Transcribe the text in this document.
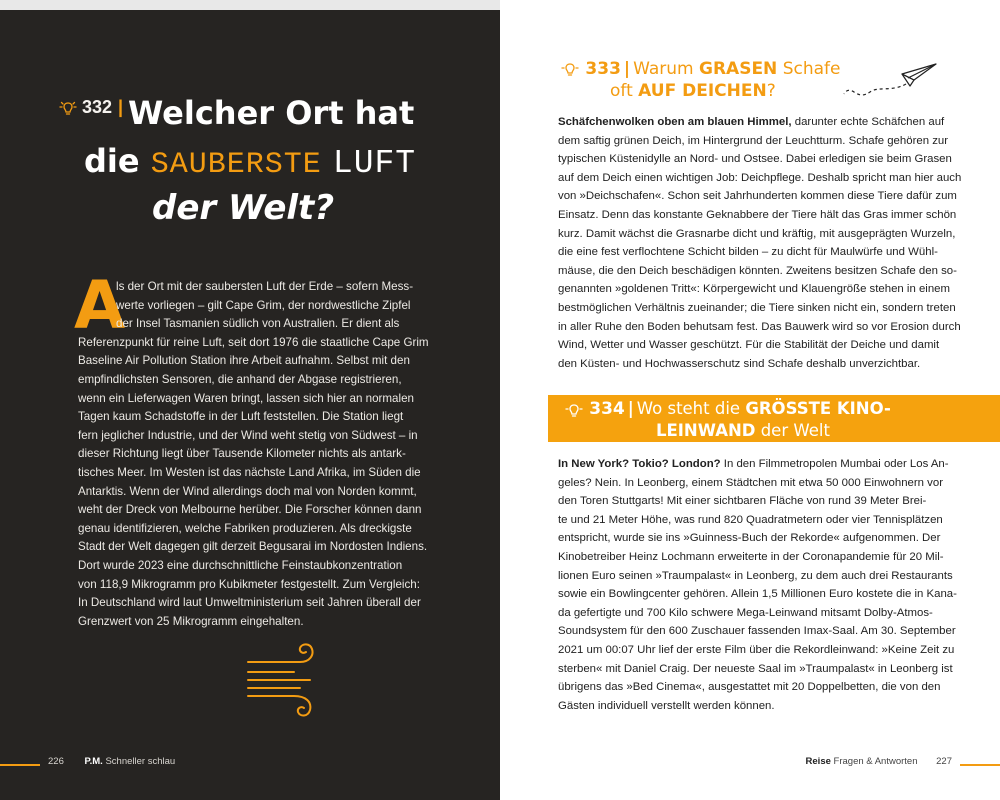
332 | Welcher Ort hat
die SAUBERSTE LUFT
der Welt?
A
ls der Ort mit der saubersten Luft der Erde – sofern Mess-
werte vorliegen – gilt Cape Grim, der nordwestliche Zipfel
der Insel Tasmanien südlich von Australien. Er dient als
Referenzpunkt für reine Luft, seit dort 1976 die staatliche Cape Grim
Baseline Air Pollution Station ihre Arbeit aufnahm. Selbst mit den
empfindlichsten Sensoren, die anhand der Abgase registrieren,
wenn ein Lieferwagen Waren bringt, lassen sich hier an normalen
Tagen kaum Schadstoffe in der Luft feststellen. Die Station liegt
fern jeglicher Industrie, und der Wind weht stetig von Südwest – in
dieser Richtung liegt über Tausende Kilometer nichts als antark-
tisches Meer. Im Westen ist das nächste Land Afrika, im Süden die
Antarktis. Wenn der Wind allerdings doch mal von Norden kommt,
weht der Dreck von Melbourne herüber. Die Forscher können dann
genau identifizieren, welche Fabriken produzieren. Als dreckigste
Stadt der Welt dagegen gilt derzeit Begusarai im Nordosten Indiens.
Dort wurde 2023 eine durchschnittliche Feinstaubkonzentration
von 118,9 Mikrogramm pro Kubikmeter festgestellt. Zum Vergleich:
In Deutschland wird laut Umweltministerium seit Jahren überall der
Grenzwert von 25 Mikrogramm eingehalten.
226 P.M. Schneller schlau
333 | Warum GRASEN Schafe
oft AUF DEICHEN?
Schäfchenwolken oben am blauen Himmel, darunter echte Schäfchen auf
dem saftig grünen Deich, im Hintergrund der Leuchtturm. Schafe gehören zur
typischen Küstenidylle an Nord- und Ostsee. Dabei erledigen sie beim Grasen
auf dem Deich einen wichtigen Job: Deichpflege. Deshalb spricht man hier auch
von »Deichschafen«. Schon seit Jahrhunderten kommen diese Tiere dafür zum
Einsatz. Denn das konstante Geknabbere der Tiere hält das Gras immer schön
kurz. Damit wächst die Grasnarbe dicht und kräftig, mit ausgeprägten Wurzeln,
die eine fest verflochtene Schicht bilden – zu dicht für Maulwürfe und Wühl-
mäuse, die den Deich beschädigen könnten. Zweitens besitzen Schafe den so-
genannten »goldenen Tritt«: Körpergewicht und Klauengröße stehen in einem
bestmöglichen Verhältnis zueinander; die Tiere sinken nicht ein, sondern treten
in aller Ruhe den Boden behutsam fest. Das Bauwerk wird so vor Erosion durch
Wind, Wetter und Wasser geschützt. Für die Stabilität der Deiche und damit
den Küsten- und Hochwasserschutz sind Schafe deshalb unverzichtbar.
334 | Wo steht die GRÖSSTE KINO-
LEINWAND der Welt
In New York? Tokio? London? In den Filmmetropolen Mumbai oder Los An-
geles? Nein. In Leonberg, einem Städtchen mit etwa 50 000 Einwohnern vor
den Toren Stuttgarts! Mit einer sichtbaren Fläche von rund 39 Meter Brei-
te und 21 Meter Höhe, was rund 820 Quadratmetern oder vier Tennisplätzen
entspricht, wurde sie ins »Guinness-Buch der Rekorde« aufgenommen. Der
Kinobetreiber Heinz Lochmann erweiterte in der Coronapandemie für 20 Mil-
lionen Euro seinen »Traumpalast« in Leonberg, zu dem auch drei Restaurants
sowie ein Bowlingcenter gehören. Allein 1,5 Millionen Euro kostete die in Kana-
da gefertigte und 700 Kilo schwere Mega-Leinwand mitsamt Dolby-Atmos-
Soundsystem für den 600 Zuschauer fassenden Imax-Saal. Am 30. September
2021 um 00:07 Uhr lief der erste Film über die Rekordleinwand: »Keine Zeit zu
sterben« mit Daniel Craig. Der neueste Saal im »Traumpalast« in Leonberg ist
übrigens das »Bed Cinema«, ausgestattet mit 20 Doppelbetten, die von den
Gästen individuell verstellt werden können.
Reise Fragen & Antworten 227
